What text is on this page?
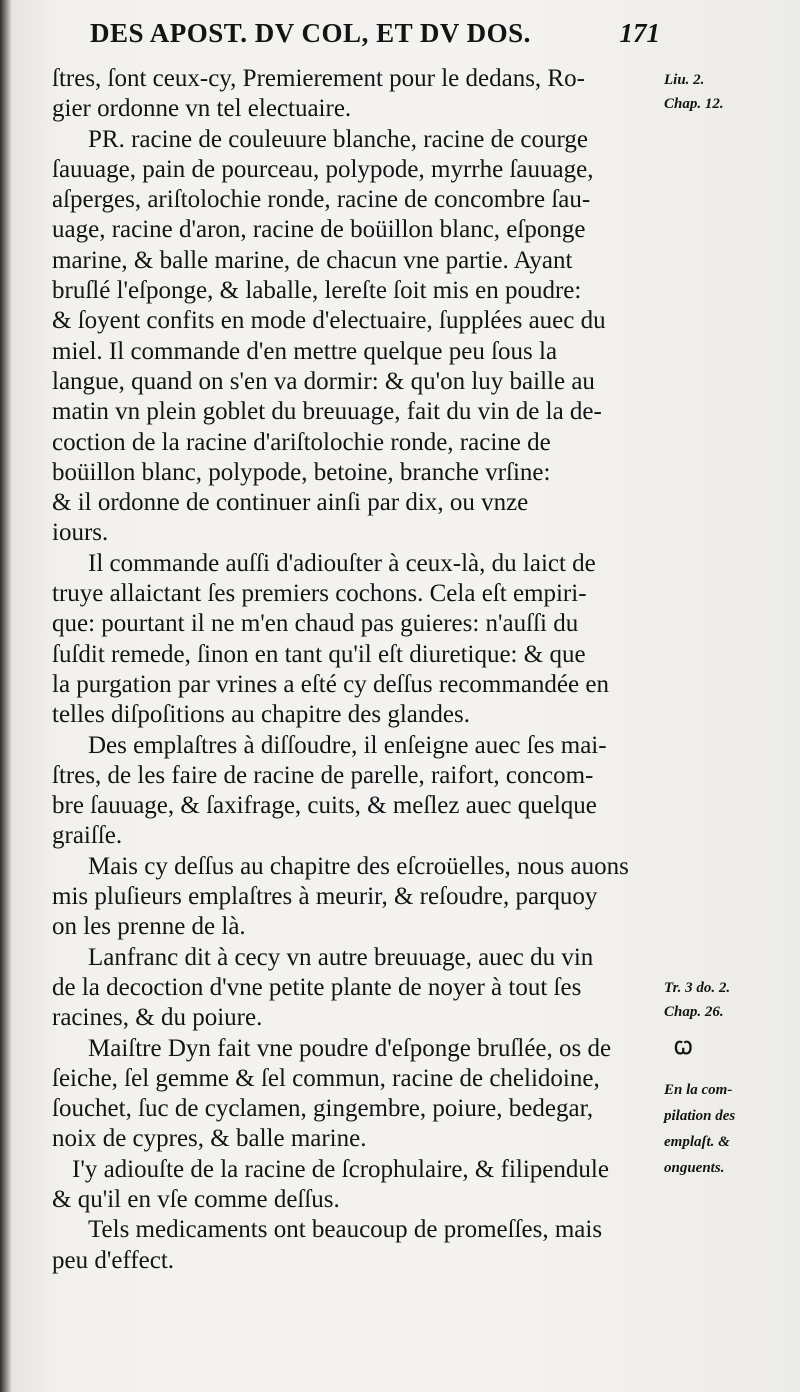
DES APOST. DV COL, ET DV DOS.	171
ſtres, ſont ceux-cy, Premierement pour le dedans, Ro-
gier ordonne vn tel electuaire.
PR. racine de couleuure blanche, racine de courge
ſauuage, pain de pourceau, polypode, myrrhe ſauuage,
aſperges, ariſtolochie ronde, racine de concombre ſau-
uage, racine d'aron, racine de boüillon blanc, eſponge
marine, & balle marine, de chacun vne partie. Ayant
bruſlé l'eſponge, & laballe, lereſte ſoit mis en poudre:
& ſoyent confits en mode d'electuaire, ſupplées auec du
miel. Il commande d'en mettre quelque peu ſous la
langue, quand on s'en va dormir: & qu'on luy baille au
matin vn plein goblet du breuuage, fait du vin de la de-
coction de la racine d'ariſtolochie ronde, racine de
boüillon blanc, polypode, betoine, branche vrſine:
& il ordonne de continuer ainſi par dix, ou vnze
iours.
Il commande auſſi d'adiouſter à ceux-là, du laict de
truye allaictant ſes premiers cochons. Cela eſt empiri-
que: pourtant il ne m'en chaud pas guieres: n'auſſi du
ſuſdit remede, ſinon en tant qu'il eſt diuretique: & que
la purgation par vrines a eſté cy deſſus recommandée en
telles diſpoſitions au chapitre des glandes.
Des emplaſtres à diſſoudre, il enſeigne auec ſes mai-
ſtres, de les faire de racine de parelle, raifort, concom-
bre ſauuage, & ſaxifrage, cuits, & meſlez auec quelque
graiſſe.
Mais cy deſſus au chapitre des eſcroüelles, nous auons
mis pluſieurs emplaſtres à meurir, & reſoudre, parquoy
on les prenne de là.
Lanfranc dit à cecy vn autre breuuage, auec du vin
de la decoction d'vne petite plante de noyer à tout ſes
racines, & du poiure.
Maiſtre Dyn fait vne poudre d'eſponge bruſlée, os de
ſeiche, ſel gemme & ſel commun, racine de chelidoine,
ſouchet, ſuc de cyclamen, gingembre, poiure, bedegar,
noix de cypres, & balle marine.
I'y adiouſte de la racine de ſcrophulaire, & filipendule
& qu'il en vſe comme deſſus.
Tels medicaments ont beaucoup de promeſſes, mais
peu d'effect.
Liu. 2.
Chap. 12.
Tr. 3 do. 2.
Chap. 26.
En la com-
pilation des
emplaſt. &
onguents.
Ꞷ
